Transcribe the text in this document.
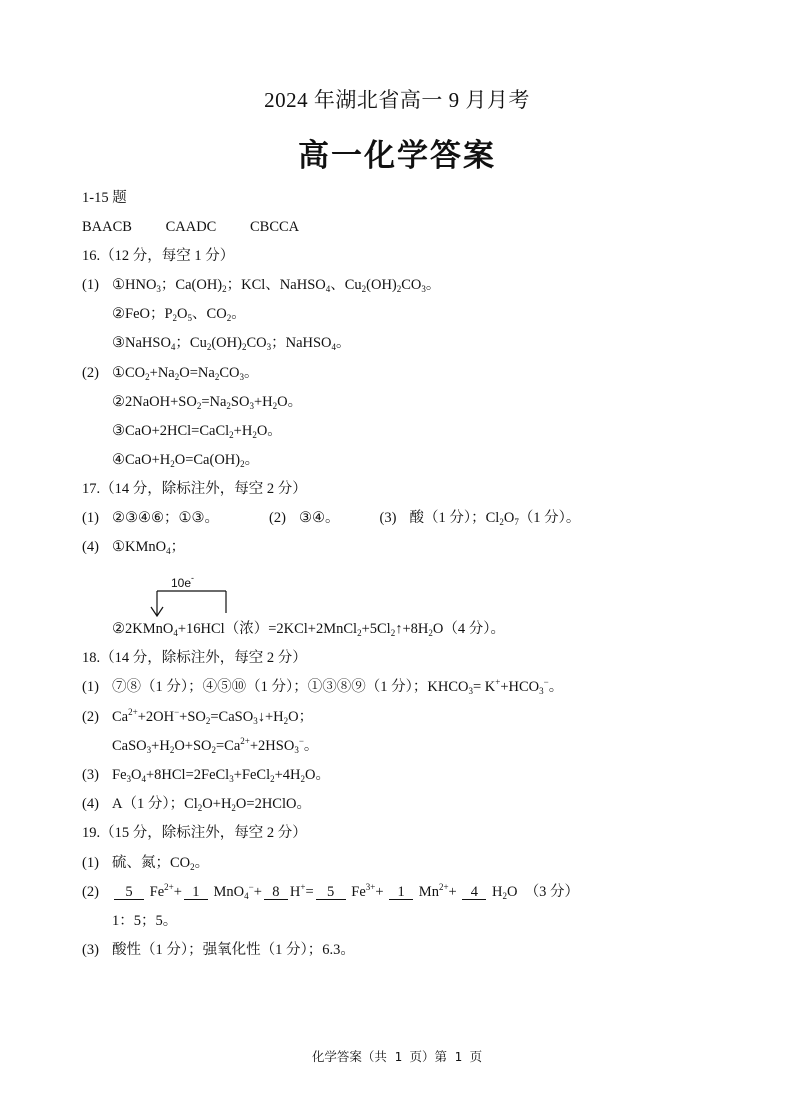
2024 年湖北省高一 9 月月考
高一化学答案
1-15 题
BAACB CAADC CBCCA
16.（12 分，每空 1 分）
(1) $①HNO_3$；$Ca(OH)_2$；KCl、NaHSO$_4$、$Cu_2(OH)_2CO_3$。
②FeO；$P_2O_5$、$CO_2$。
③NaHSO$_4$；$Cu_2(OH)_2CO_3$；NaHSO$_4$。
(2) $①CO_2+Na_2O=Na_2CO_3$。
$②2NaOH+SO_2=Na_2SO_3+H_2O$。
$③CaO+2HCl=CaCl_2+H_2O$。
$④CaO+H_2O=Ca(OH)_2$。
17.（14 分，除标注外，每空 2 分）
(1) ②③④⑥；①③。	(2) ③④。	(3) 酸（1 分）；$Cl_2O_7(1$ 分）。
(4) ①KMnO$_4$；
10e-
②2KMnO$_4$+16HCl（浓）$=2KCl+2MnCl_2+5Cl_2↑+8H_2O(4$ 分）。
18.（14 分，除标注外，每空 2 分）
(1) ⑦⑧（1 分）；④⑤⑩（1 分）；①③⑧⑨（1 分）；$KHCO_3= K^++HCO_3^-$。
(2) $Ca^{2+}+2OH^-+SO_2=CaSO_3↓+H_2O$；
$CaSO_3+H_2O+SO_2=Ca^{2+}+2HSO_3^-$。
(3) $Fe_3O_4+8HCl=2FeCl_3+FeCl_2+4H_2O$。
(4) A（1 分）；$Cl_2O+H_2O=2HClO$。
19.（15 分，除标注外，每空 2 分）
(1) 硫、氮；$CO_2$。
(2) 5 $Fe^{2+}+ 1$ MnO$_4$−+ 8 H+= 5 $Fe^{3+}+ 1$ $Mn^{2+}+ 4$ $H_2O$  （3 分）
1：5；5。
(3) 酸性（1 分）；强氧化性（1 分）；6.3。
化学答案（共 1 页）第 1 页
